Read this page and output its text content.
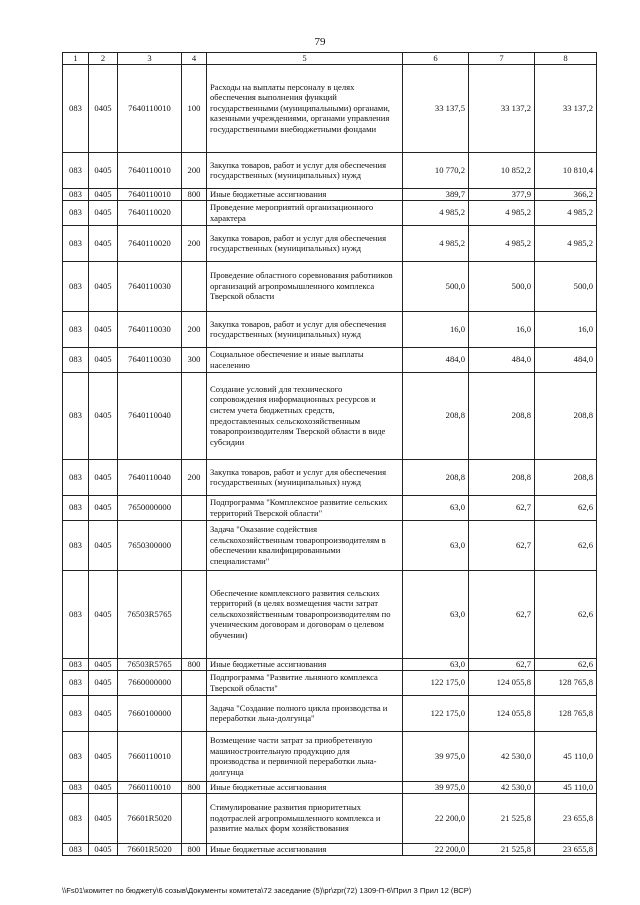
79
1	2	3	4	5	6	7	8
083	0405	7640110010	100	Расходы на выплаты персоналу в целях обеспечения выполнения функций государственными (муниципальными) органами, казенными учреждениями, органами управления государственными внебюджетными фондами	33 137,5	33 137,2	33 137,2
083	0405	7640110010	200	Закупка товаров, работ и услуг для обеспечения государственных (муниципальных) нужд	10 770,2	10 852,2	10 810,4
083	0405	7640110010	800	Иные бюджетные ассигнования	389,7	377,9	366,2
083	0405	7640110020		Проведение мероприятий организационного характера	4 985,2	4 985,2	4 985,2
083	0405	7640110020	200	Закупка товаров, работ и услуг для обеспечения государственных (муниципальных) нужд	4 985,2	4 985,2	4 985,2
083	0405	7640110030		Проведение областного соревнования работников организаций агропромышленного комплекса Тверской области	500,0	500,0	500,0
083	0405	7640110030	200	Закупка товаров, работ и услуг для обеспечения государственных (муниципальных) нужд	16,0	16,0	16,0
083	0405	7640110030	300	Социальное обеспечение и иные выплаты населению	484,0	484,0	484,0
083	0405	7640110040		Создание условий для технического сопровождения информационных ресурсов и систем учета бюджетных средств, предоставленных сельскохозяйственным товаропроизводителям Тверской области в виде субсидии	208,8	208,8	208,8
083	0405	7640110040	200	Закупка товаров, работ и услуг для обеспечения государственных (муниципальных) нужд	208,8	208,8	208,8
083	0405	7650000000		Подпрограмма "Комплексное развитие сельских территорий Тверской области"	63,0	62,7	62,6
083	0405	7650300000		Задача "Оказание содействия сельскохозяйственным товаропроизводителям в обеспечении квалифицированными специалистами"	63,0	62,7	62,6
083	0405	76503R5765		Обеспечение комплексного развития сельских территорий (в целях возмещения части затрат сельскохозяйственным товаропроизводителям по ученическим договорам и договорам о целевом обучении)	63,0	62,7	62,6
083	0405	76503R5765	800	Иные бюджетные ассигнования	63,0	62,7	62,6
083	0405	7660000000		Подпрограмма "Развитие льняного комплекса Тверской области"	122 175,0	124 055,8	128 765,8
083	0405	7660100000		Задача "Создание полного цикла производства и переработки льна-долгунца"	122 175,0	124 055,8	128 765,8
083	0405	7660110010		Возмещение части затрат за приобретенную машиностроительную продукцию для производства и первичной переработки льна-долгунца	39 975,0	42 530,0	45 110,0
083	0405	7660110010	800	Иные бюджетные ассигнования	39 975,0	42 530,0	45 110,0
083	0405	76601R5020		Стимулирование развития приоритетных подотраслей агропромышленного комплекса и развитие малых форм хозяйствования	22 200,0	21 525,8	23 655,8
083	0405	76601R5020	800	Иные бюджетные ассигнования	22 200,0	21 525,8	23 655,8
\\Fs01\комитет по бюджету\6 созыв\Документы комитета\72 заседание (5)\pr\zpr(72) 1309-П-6\Прил 3 Прил 12 (ВСР)
